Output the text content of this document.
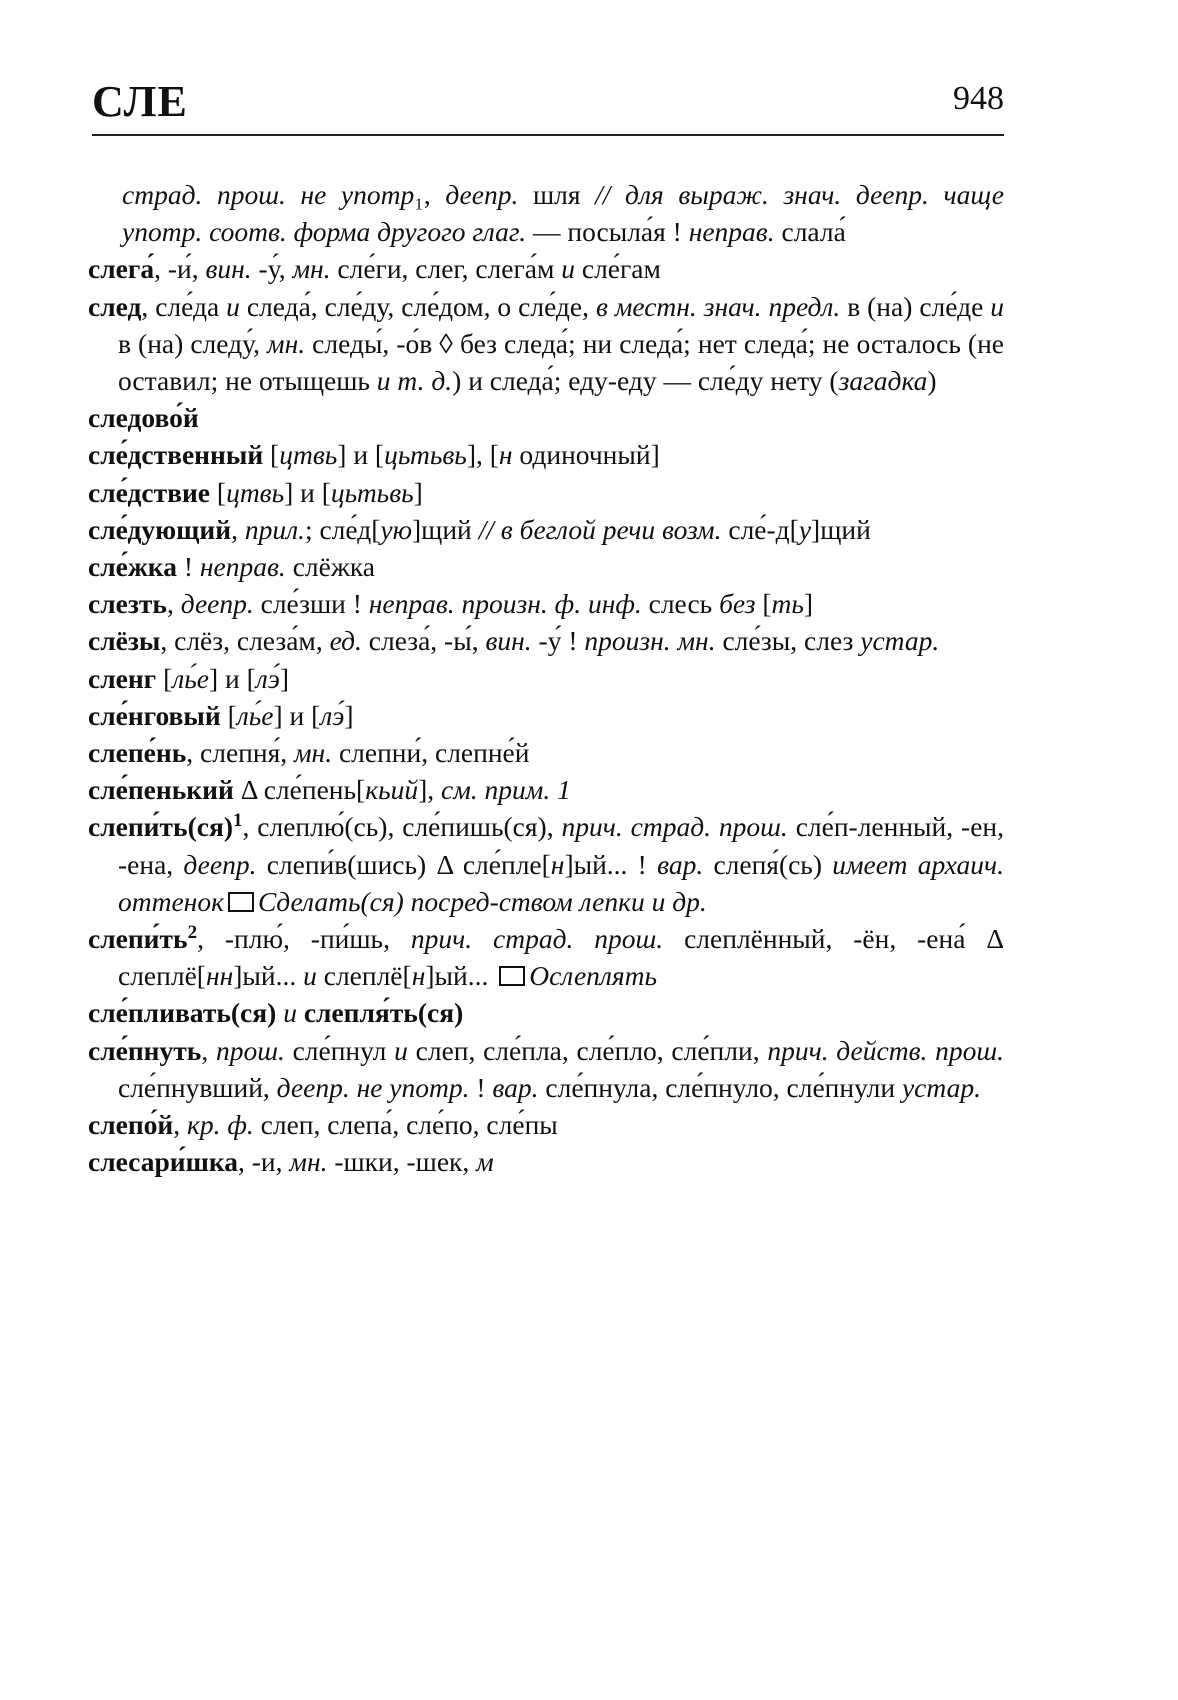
СЛЕ	948
страд. прош. не употр₁, деепр. шля // для выраж. знач. деепр. чаще употр. соотв. форма другого глаг. — посыла́я ! неправ. слала́
слега́, -и́, вин. -у́, мн. сле́ги, слег, слега́м и сле́гам
след, сле́да и следа́, сле́ду, сле́дом, о сле́де, в местн. знач. предл. в (на) сле́де и в (на) следу́, мн. следы́, -о́в ◊ без следа́; ни следа́; нет следа́; не осталось (не оставил; не отыщешь и т. д.) и следа́; еду-еду — сле́ду нету (загадка)
следово́й
сле́дственный [цтвь] и [цьтьвь], [н одиночный]
сле́дствие [цтвь] и [цьтьвь]
сле́дующий, прил.; сле́д[ую]щий // в беглой речи возм. сле́-д[у]щий
сле́жка ! неправ. слёжка
слезть, деепр. сле́зши ! неправ. произн. ф. инф. слесь без [ть]
слёзы, слёз, слеза́м, ед. слеза́, -ы́, вин. -у́ ! произн. мн. сле́зы, слез устар.
сленг [ль́е] и [лэ́]
сле́нговый [ль́е] и [лэ́]
слепе́нь, слепня́, мн. слепни́, слепне́й
сле́пенький Δ сле́пень[кьий], см. прим. 1
слепи́ть(ся)$^1$, слеплю́(сь), сле́пишь(ся), прич. страд. прош. сле́п-ленный, -ен, -ена, деепр. слепи́в(шись) Δ сле́пле[н]ый... ! вар. слепя́(сь) имеет архаич. оттенок Сделать(ся) посред-ством лепки и др.
$слепи́ть^2$, -плю́, -пи́шь, прич. страд. прош. слеплённый, -ён, -ена́ Δ слеплё[нн]ый... и слеплё[н]ый... Ослеплять
сле́пливать(ся) и слепля́ть(ся)
сле́пнуть, прош. сле́пнул и слеп, сле́пла, сле́пло, сле́пли, прич. действ. прош. сле́пнувший, деепр. не употр. ! вар. сле́пнула, сле́пнуло, сле́пнули устар.
слепо́й, кр. ф. слеп, слепа́, сле́по, сле́пы
слесари́шка, -и, мн. -шки, -шек, м
